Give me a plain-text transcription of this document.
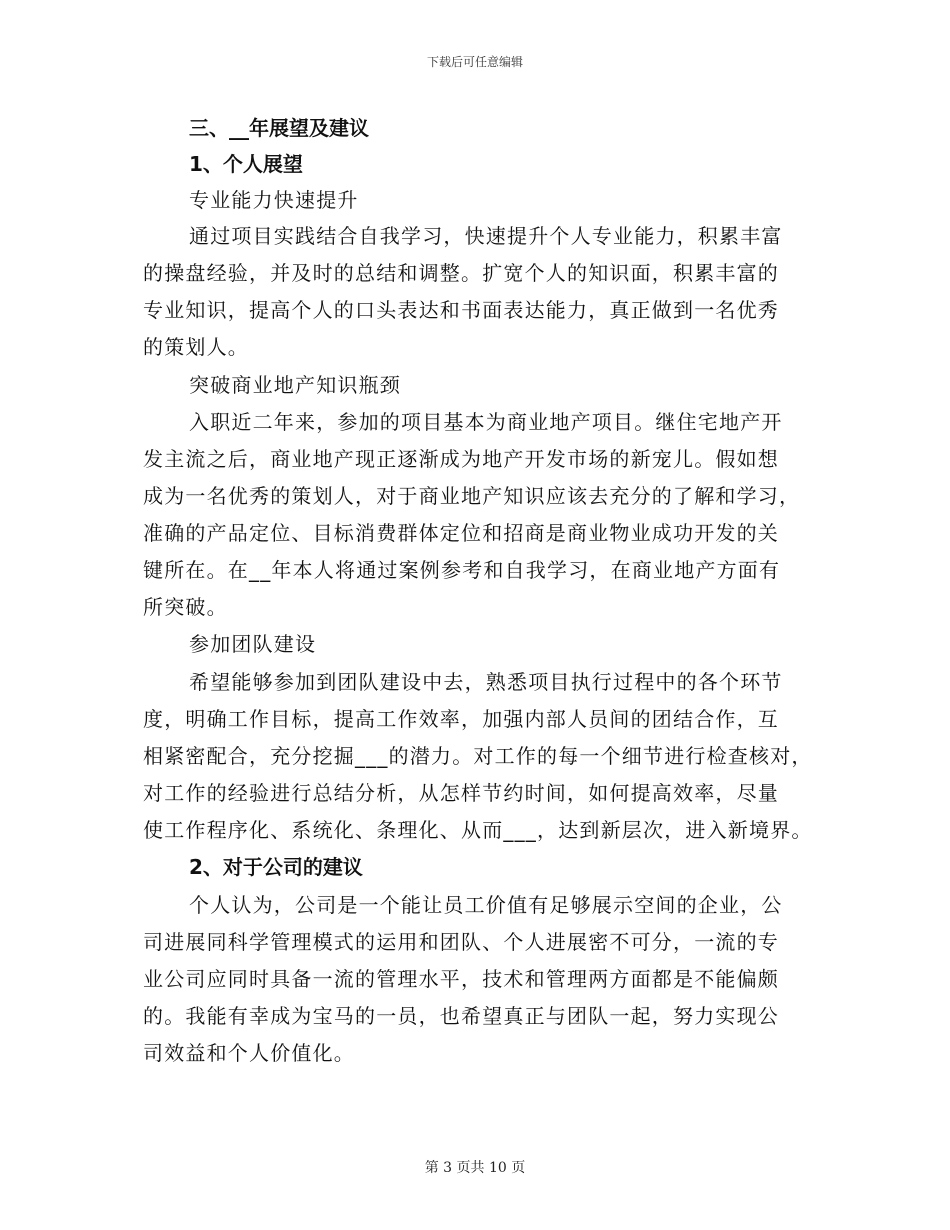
下载后可任意编辑
三、__年展望及建议
1、个人展望
专业能力快速提升
通过项目实践结合自我学习，快速提升个人专业能力，积累丰富
的操盘经验，并及时的总结和调整。扩宽个人的知识面，积累丰富的
专业知识，提高个人的口头表达和书面表达能力，真正做到一名优秀
的策划人。
突破商业地产知识瓶颈
入职近二年来，参加的项目基本为商业地产项目。继住宅地产开
发主流之后，商业地产现正逐渐成为地产开发市场的新宠儿。假如想
成为一名优秀的策划人，对于商业地产知识应该去充分的了解和学习，
准确的产品定位、目标消费群体定位和招商是商业物业成功开发的关
键所在。在__年本人将通过案例参考和自我学习，在商业地产方面有
所突破。
参加团队建设
希望能够参加到团队建设中去，熟悉项目执行过程中的各个环节
度，明确工作目标，提高工作效率，加强内部人员间的团结合作，互
相紧密配合，充分挖掘___的潜力。对工作的每一个细节进行检查核对，
对工作的经验进行总结分析，从怎样节约时间，如何提高效率，尽量
使工作程序化、系统化、条理化、从而___，达到新层次，进入新境界。
2、对于公司的建议
个人认为，公司是一个能让员工价值有足够展示空间的企业，公
司进展同科学管理模式的运用和团队、个人进展密不可分，一流的专
业公司应同时具备一流的管理水平，技术和管理两方面都是不能偏颇
的。我能有幸成为宝马的一员，也希望真正与团队一起，努力实现公
司效益和个人价值化。
第 3 页共 10 页
